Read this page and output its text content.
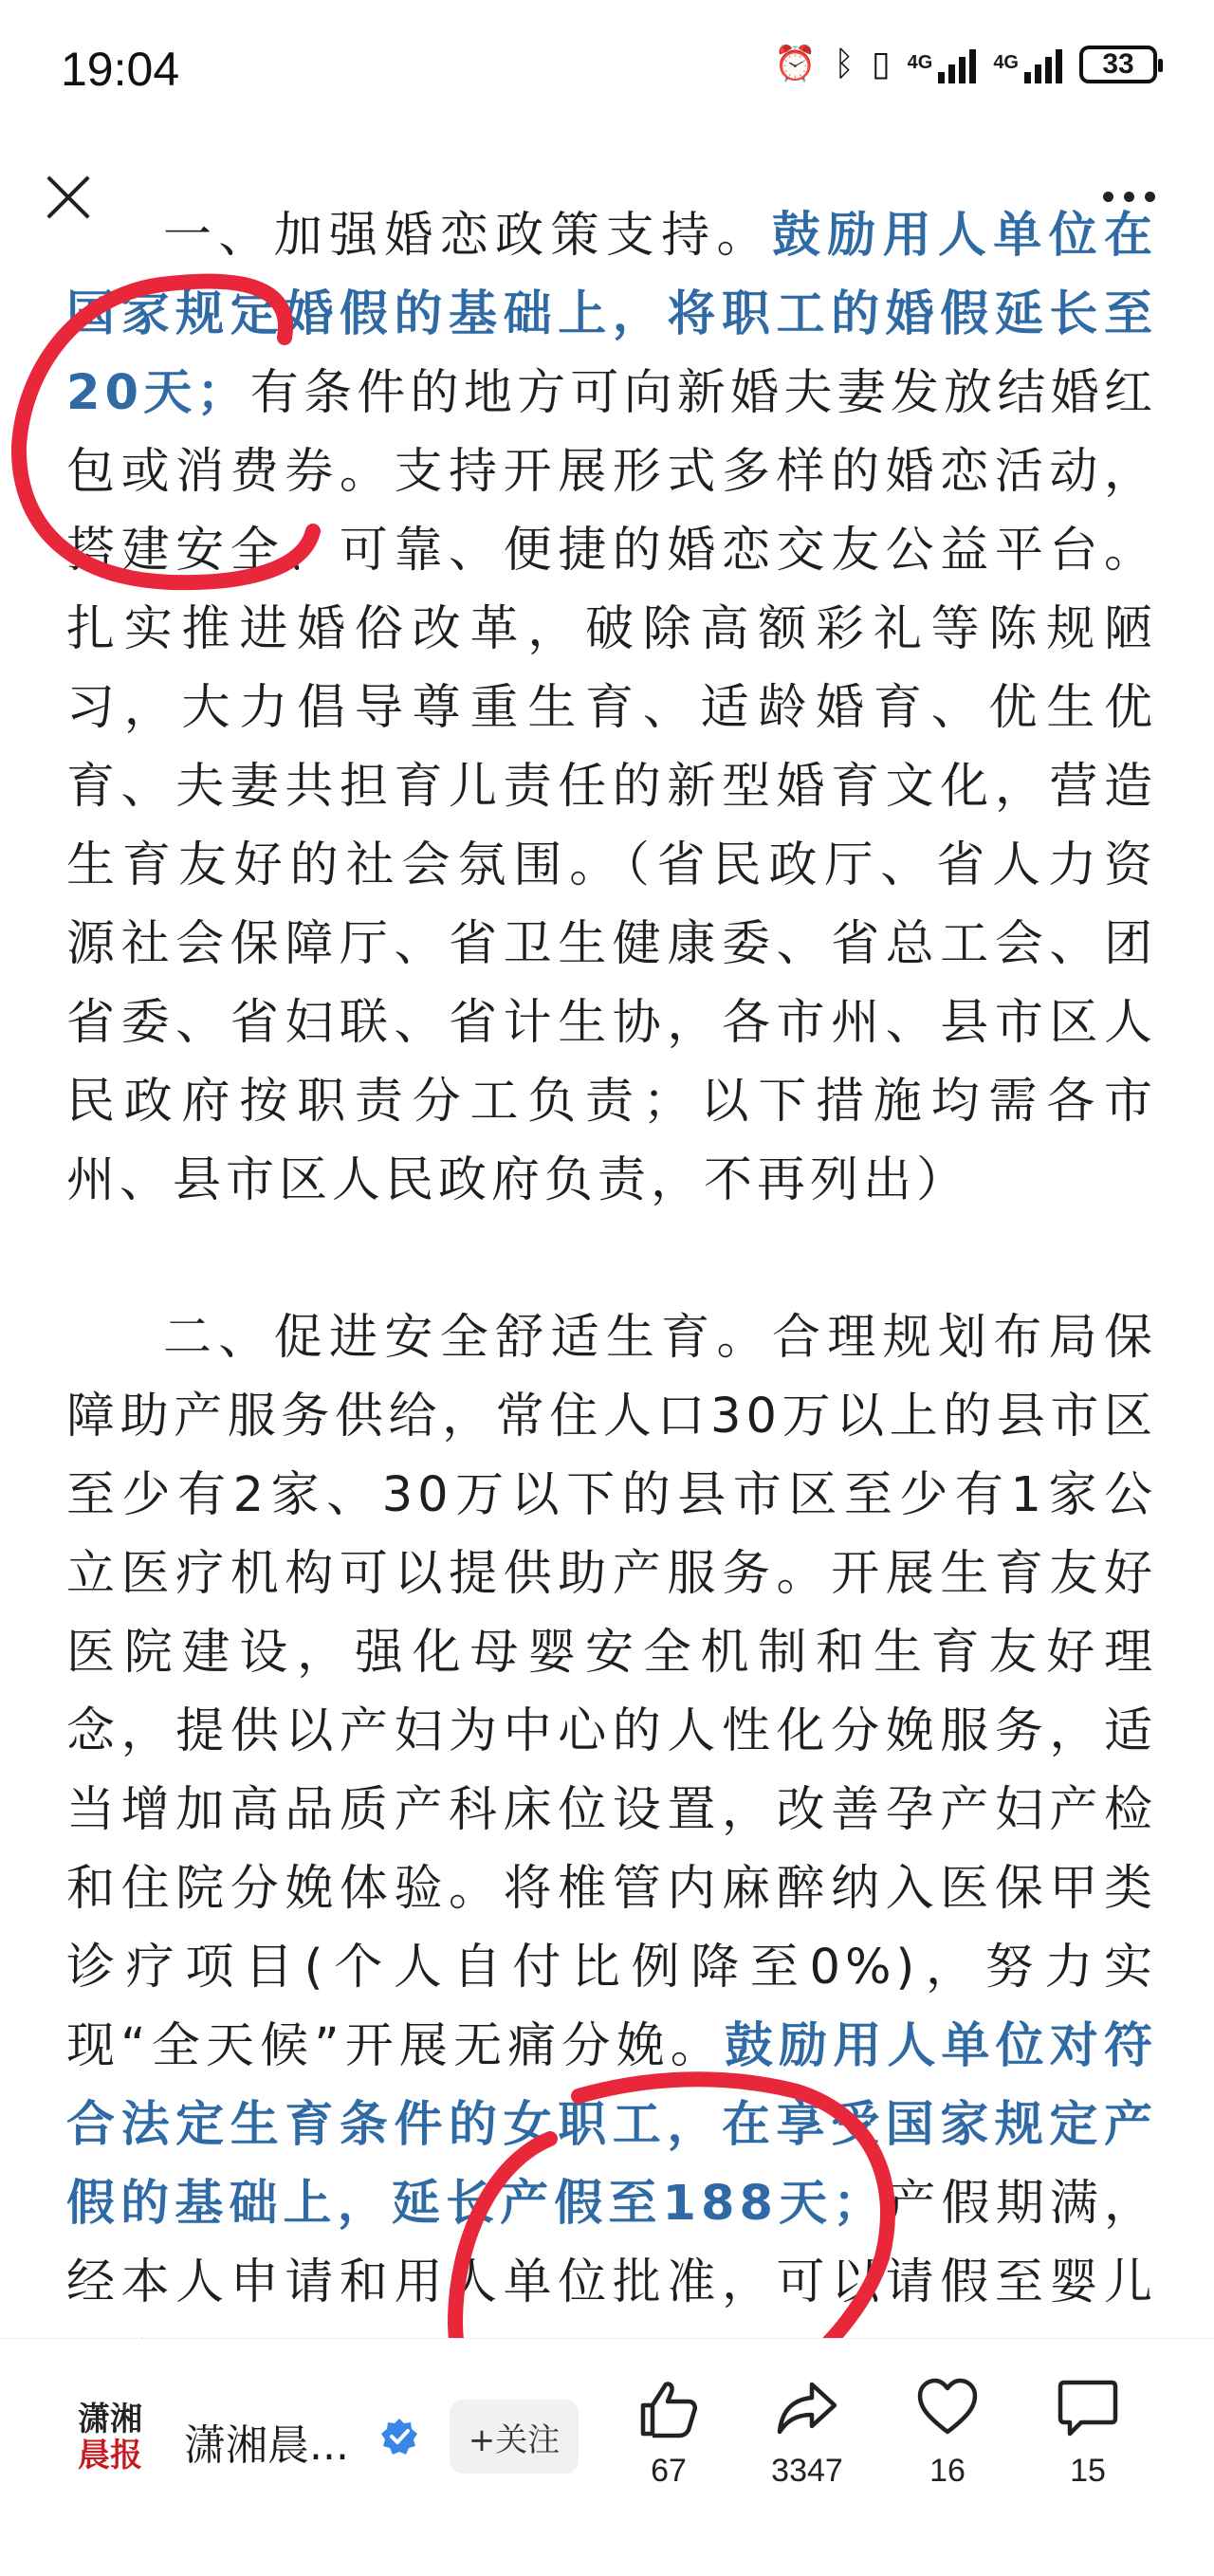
19:04	⏰ ᛒ ▯ 4G	4G	33

一、加强婚恋政策支持。鼓励用人单位在国家规定婚假的基础上，将职工的婚假延长至20天；有条件的地方可向新婚夫妻发放结婚红包或消费券。支持开展形式多样的婚恋活动，搭建安全、可靠、便捷的婚恋交友公益平台。扎实推进婚俗改革，破除高额彩礼等陈规陋习，大力倡导尊重生育、适龄婚育、优生优育、夫妻共担育儿责任的新型婚育文化，营造生育友好的社会氛围。（省民政厅、省人力资源社会保障厅、省卫生健康委、省总工会、团省委、省妇联、省计生协，各市州、县市区人民政府按职责分工负责；以下措施均需各市州、县市区人民政府负责，不再列出）

二、促进安全舒适生育。合理规划布局保障助产服务供给，常住人口30万以上的县市区至少有2家、30万以下的县市区至少有1家公立医疗机构可以提供助产服务。开展生育友好医院建设，强化母婴安全机制和生育友好理念，提供以产妇为中心的人性化分娩服务，适当增加高品质产科床位设置，改善孕产妇产检和住院分娩体验。将椎管内麻醉纳入医保甲类诊疗项目(个人自付比例降至0%)，努力实现“全天候”开展无痛分娩。鼓励用人单位对符合法定生育条件的女职工，在享受国家规定产假的基础上，延长产假至188天；产假期满，经本人申请和用人单位批准，可以请假至婴儿

潇湘
晨报 潇湘晨...	+关注
67	3347	16	15
